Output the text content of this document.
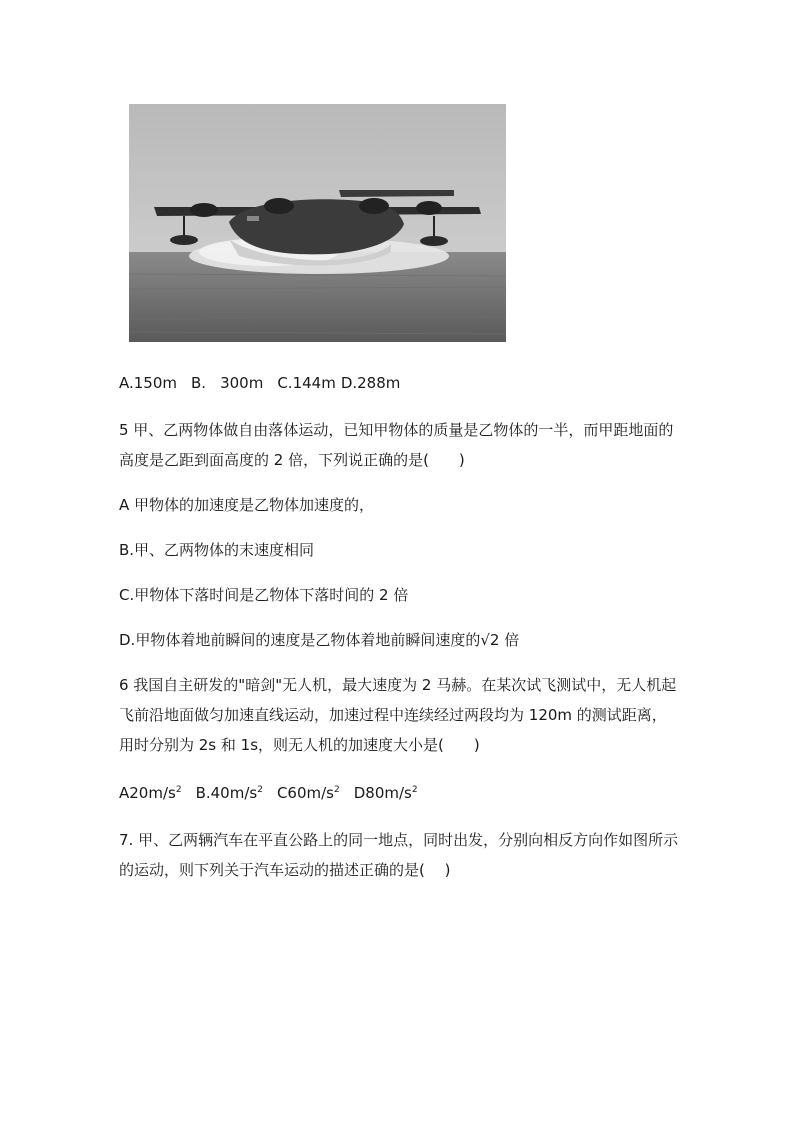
A.150m B. 300m C.144m D.288m
5 甲、乙两物体做自由落体运动，已知甲物体的质量是乙物体的一半，而甲距地面的高度是乙距到面高度的 2 倍，下列说正确的是(　　)
A 甲物体的加速度是乙物体加速度的，
B.甲、乙两物体的末速度相同
C.甲物体下落时间是乙物体下落时间的 2 倍
D.甲物体着地前瞬间的速度是乙物体着地前瞬间速度的√2 倍
6 我国自主研发的"暗剑"无人机，最大速度为 2 马赫。在某次试飞测试中，无人机起飞前沿地面做匀加速直线运动，加速过程中连续经过两段均为 120m 的测试距离，用时分别为 2s 和 1s，则无人机的加速度大小是(　　)
$A20m/s^2$ $B.40m/s^2$ $C60m/s^2$ $D80m/s^2$
7. 甲、乙两辆汽车在平直公路上的同一地点，同时出发，分别向相反方向作如图所示的运动，则下列关于汽车运动的描述正确的是(　 )
